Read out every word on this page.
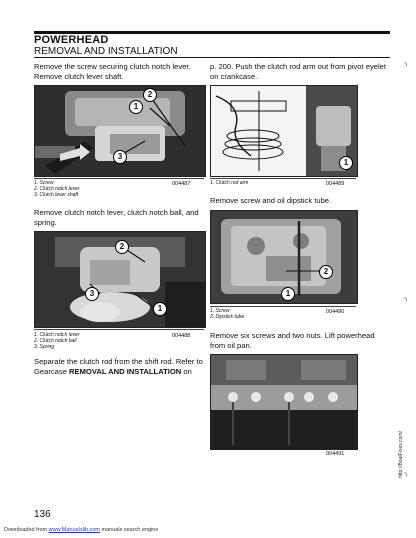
POWERHEAD
REMOVAL AND INSTALLATION
Remove the screw securing clutch notch lever. Remove clutch lever shaft.
2
1
3
1. Screw
2. Clutch notch lever
3. Clutch lever shaft
004487
Remove clutch notch lever, clutch notch ball, and spring.
2
3
1
1. Clutch notch lever
2. Clutch notch ball
3. Spring
004488
Separate the clutch rod from the shift rod. Refer to Gearcase REMOVAL AND INSTALLATION on
p. 200. Push the clutch rod arm out from pivot eyelet on crankcase.
1
1. Clutch rod arm	004489
Remove screw and oil dipstick tube.
2
1
1. Screw
2. Dipstick tube
004490
Remove six screws and two nuts. Lift powerhead from oil pan.
004491
╮
╮
╮
http://BoatFixes.com/
136
Downloaded from www.Manualslib.com manuals search engine
